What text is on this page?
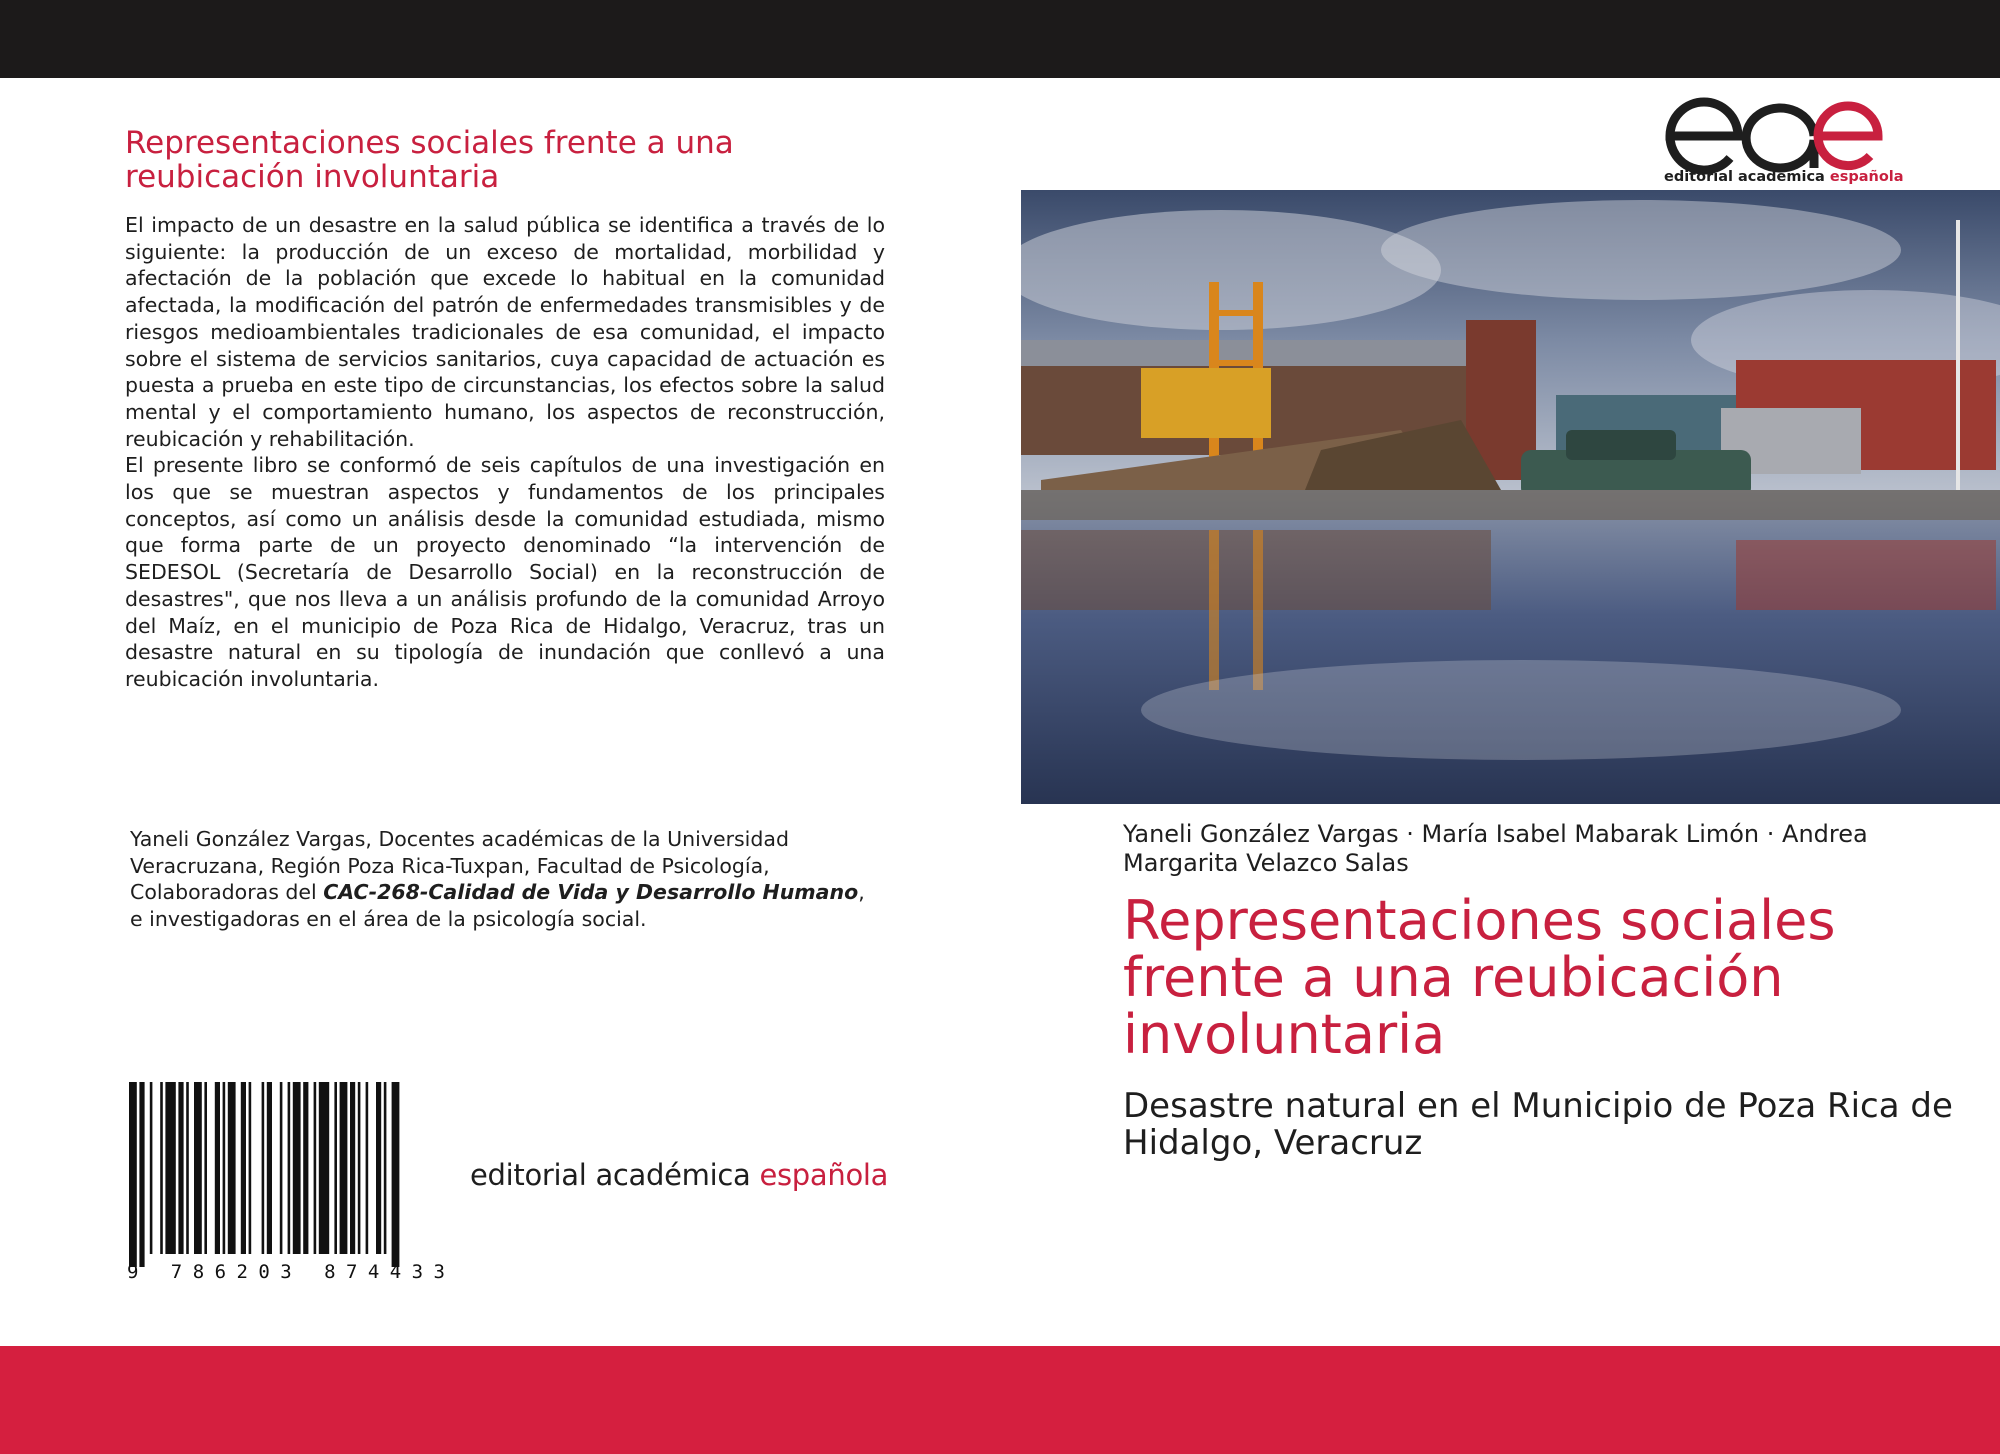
Representaciones sociales frente a una reubicación involuntaria

El impacto de un desastre en la salud pública se identifica a través de lo siguiente: la producción de un exceso de mortalidad, morbilidad y afectación de la población que excede lo habitual en la comunidad afectada, la modificación del patrón de enfermedades transmisibles y de riesgos medioambientales tradicionales de esa comunidad, el impacto sobre el sistema de servicios sanitarios, cuya capacidad de actuación es puesta a prueba en este tipo de circunstancias, los efectos sobre la salud mental y el comportamiento humano, los aspectos de reconstrucción, reubicación y rehabilitación.

El presente libro se conformó de seis capítulos de una investigación en los que se muestran aspectos y fundamentos de los principales conceptos, así como un análisis desde la comunidad estudiada, mismo que forma parte de un proyecto denominado “la intervención de SEDESOL (Secretaría de Desarrollo Social) en la reconstrucción de desastres", que nos lleva a un análisis profundo de la comunidad Arroyo del Maíz, en el municipio de Poza Rica de Hidalgo, Veracruz, tras un desastre natural en su tipología de inundación que conllevó a una reubicación involuntaria.

Yaneli González Vargas, Docentes académicas de la Universidad Veracruzana, Región Poza Rica-Tuxpan, Facultad de Psicología, Colaboradoras del CAC-268-Calidad de Vida y Desarrollo Humano, e investigadoras en el área de la psicología social.
9 786203 874433
editorial académica española
editorial académica española
Yaneli González Vargas · María Isabel Mabarak Limón · Andrea Margarita Velazco Salas
Representaciones sociales frente a una reubicación involuntaria
Desastre natural en el Municipio de Poza Rica de Hidalgo, Veracruz
